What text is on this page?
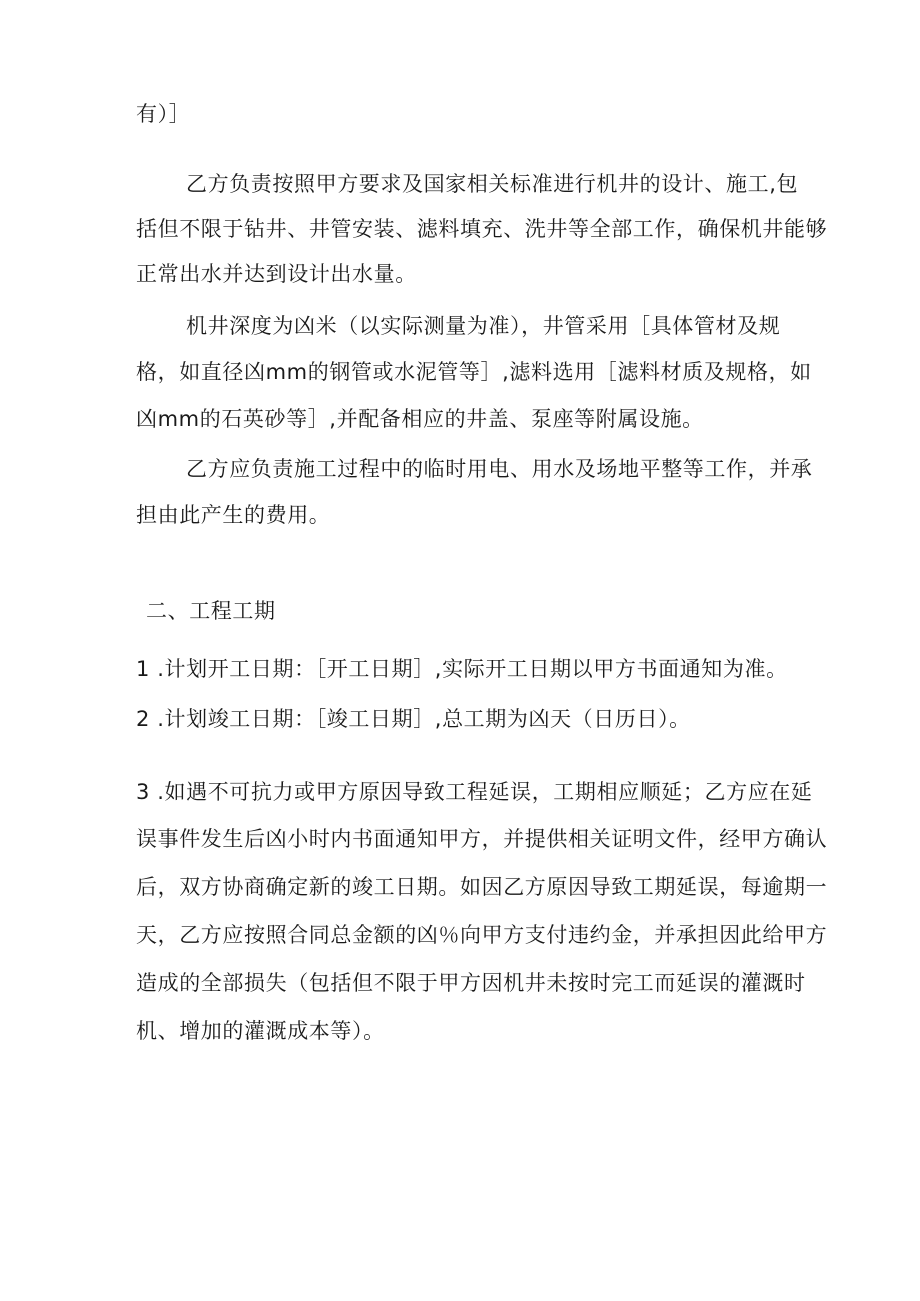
有）］
乙方负责按照甲方要求及国家相关标准进行机井的设计、施工,包
括但不限于钻井、井管安装、滤料填充、洗井等全部工作，确保机井能够
正常出水并达到设计出水量。
机井深度为凶米（以实际测量为准），井管采用［具体管材及规
格，如直径凶mm的钢管或水泥管等］,滤料选用［滤料材质及规格，如
凶mm的石英砂等］,并配备相应的井盖、泵座等附属设施。
乙方应负责施工过程中的临时用电、用水及场地平整等工作，并承
担由此产生的费用。
二、工程工期
1 .计划开工日期：［开工日期］,实际开工日期以甲方书面通知为准。
2 .计划竣工日期：［竣工日期］,总工期为凶天（日历日）。
3 .如遇不可抗力或甲方原因导致工程延误，工期相应顺延；乙方应在延
误事件发生后凶小时内书面通知甲方，并提供相关证明文件，经甲方确认
后，双方协商确定新的竣工日期。如因乙方原因导致工期延误，每逾期一
天，乙方应按照合同总金额的凶％向甲方支付违约金，并承担因此给甲方
造成的全部损失（包括但不限于甲方因机井未按时完工而延误的灌溉时
机、增加的灌溉成本等）。
